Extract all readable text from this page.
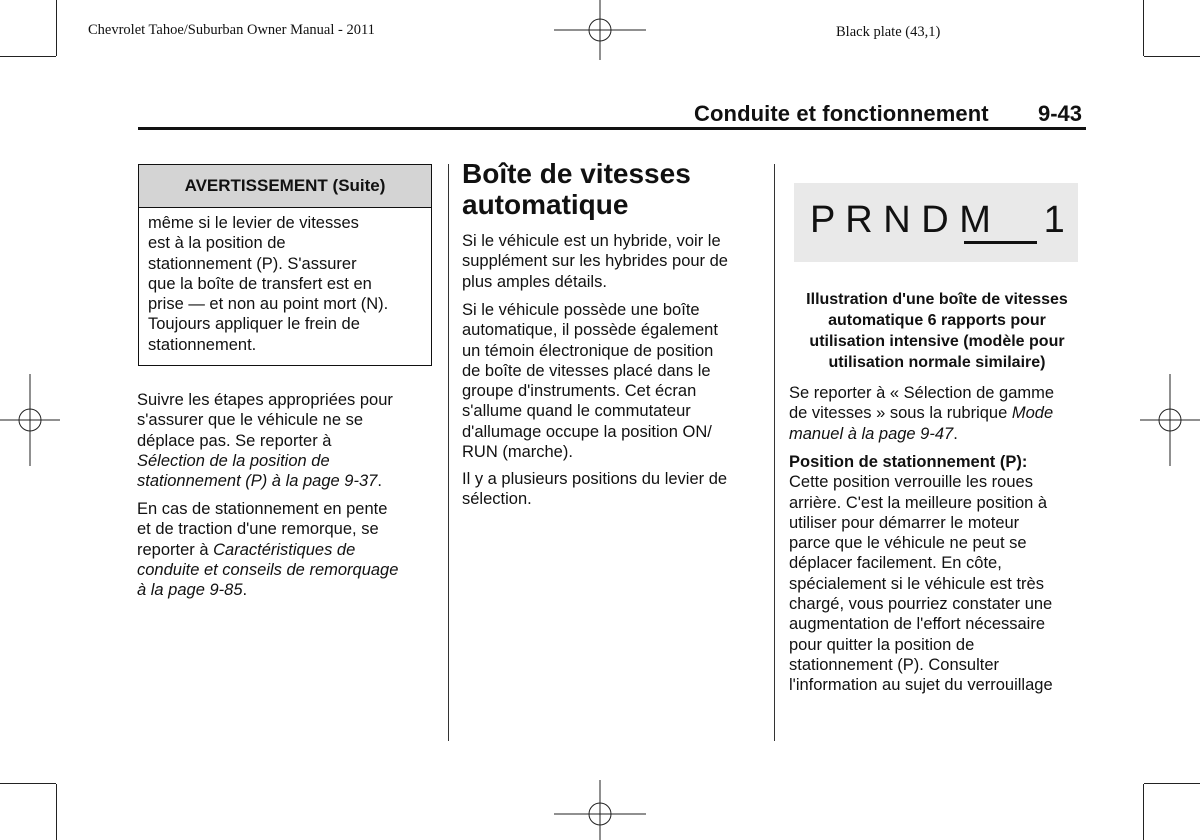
Chevrolet Tahoe/Suburban Owner Manual - 2011	Black plate (43,1)
Conduite et fonctionnement 9-43
AVERTISSEMENT (Suite)
même si le levier de vitesses
est à la position de
stationnement (P). S'assurer
que la boîte de transfert est en
prise — et non au point mort (N).
Toujours appliquer le frein de
stationnement.
Suivre les étapes appropriées pour
s'assurer que le véhicule ne se
déplace pas. Se reporter à
Sélection de la position de
stationnement (P) à la page 9-37.
En cas de stationnement en pente
et de traction d'une remorque, se
reporter à Caractéristiques de
conduite et conseils de remorquage
à la page 9-85.
Boîte de vitesses
automatique
Si le véhicule est un hybride, voir le
supplément sur les hybrides pour de
plus amples détails.
Si le véhicule possède une boîte
automatique, il possède également
un témoin électronique de position
de boîte de vitesses placé dans le
groupe d'instruments. Cet écran
s'allume quand le commutateur
d'allumage occupe la position ON/
RUN (marche).
Il y a plusieurs positions du levier de
sélection.
P R N D M     1
Illustration d'une boîte de vitesses
automatique 6 rapports pour
utilisation intensive (modèle pour
utilisation normale similaire)
Se reporter à « Sélection de gamme
de vitesses » sous la rubrique Mode
manuel à la page 9-47.
Position de stationnement (P):
Cette position verrouille les roues
arrière. C'est la meilleure position à
utiliser pour démarrer le moteur
parce que le véhicule ne peut se
déplacer facilement. En côte,
spécialement si le véhicule est très
chargé, vous pourriez constater une
augmentation de l'effort nécessaire
pour quitter la position de
stationnement (P). Consulter
l'information au sujet du verrouillage
